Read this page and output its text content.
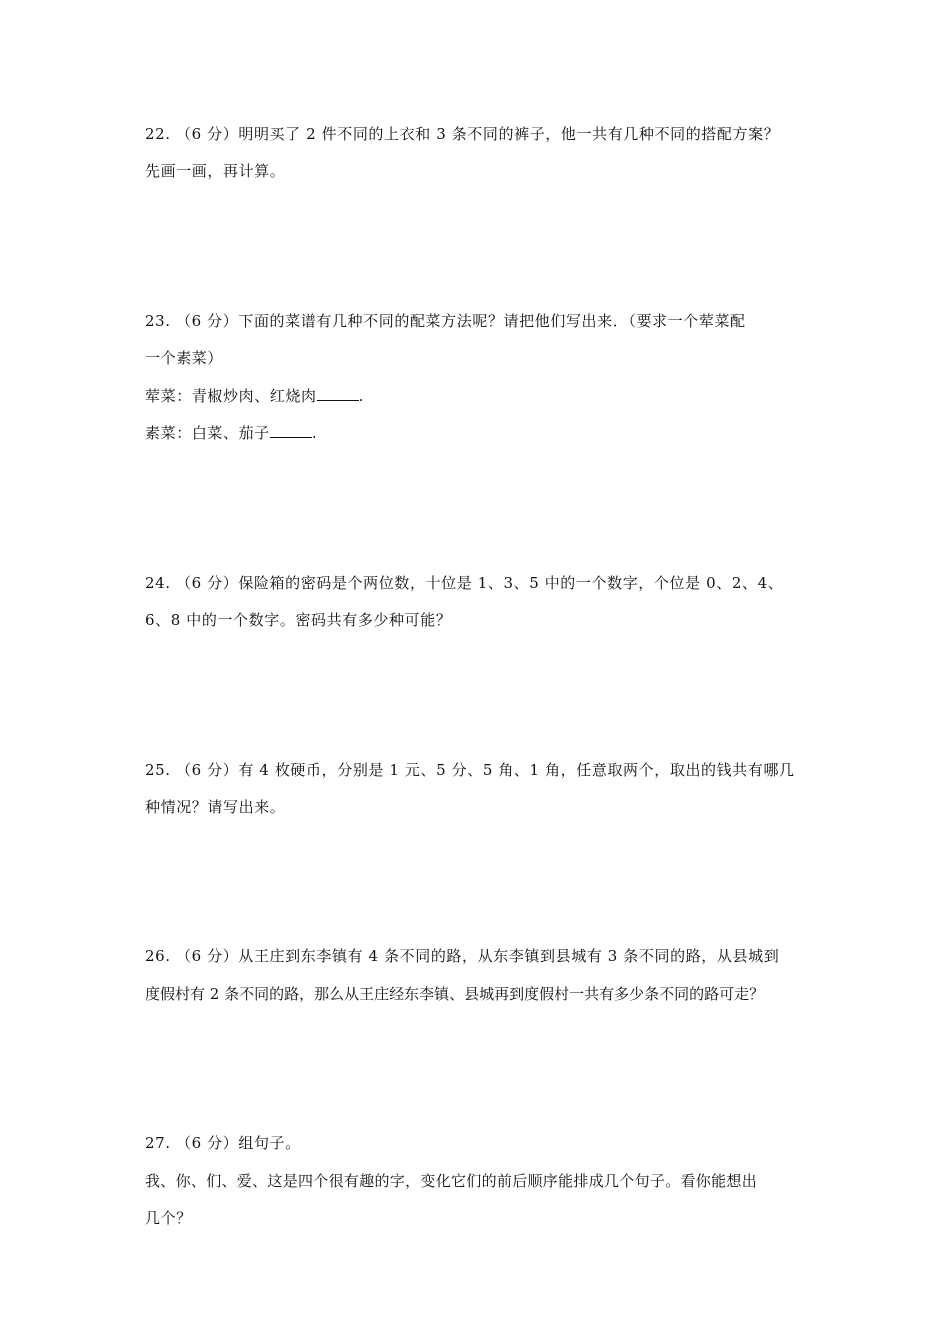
22. （6 分）明明买了 2 件不同的上衣和 3 条不同的裤子，他一共有几种不同的搭配方案？
先画一画，再计算。
23. （6 分）下面的菜谱有几种不同的配菜方法呢？请把他们写出来．（要求一个荤菜配
一个素菜）
荤菜：青椒炒肉、红烧肉	.
素菜：白菜、茄子	.
24. （6 分）保险箱的密码是个两位数，十位是 1、3、5 中的一个数字，个位是 0、2、4、
6、8 中的一个数字。密码共有多少种可能？
25. （6 分）有 4 枚硬币，分别是 1 元、5 分、5 角、1 角，任意取两个，取出的钱共有哪几
种情况？请写出来。
26. （6 分）从王庄到东李镇有 4 条不同的路，从东李镇到县城有 3 条不同的路，从县城到
度假村有 2 条不同的路，那么从王庄经东李镇、县城再到度假村一共有多少条不同的路可走？
27. （6 分）组句子。
我、你、们、爱、这是四个很有趣的字，变化它们的前后顺序能排成几个句子。看你能想出
几个？
